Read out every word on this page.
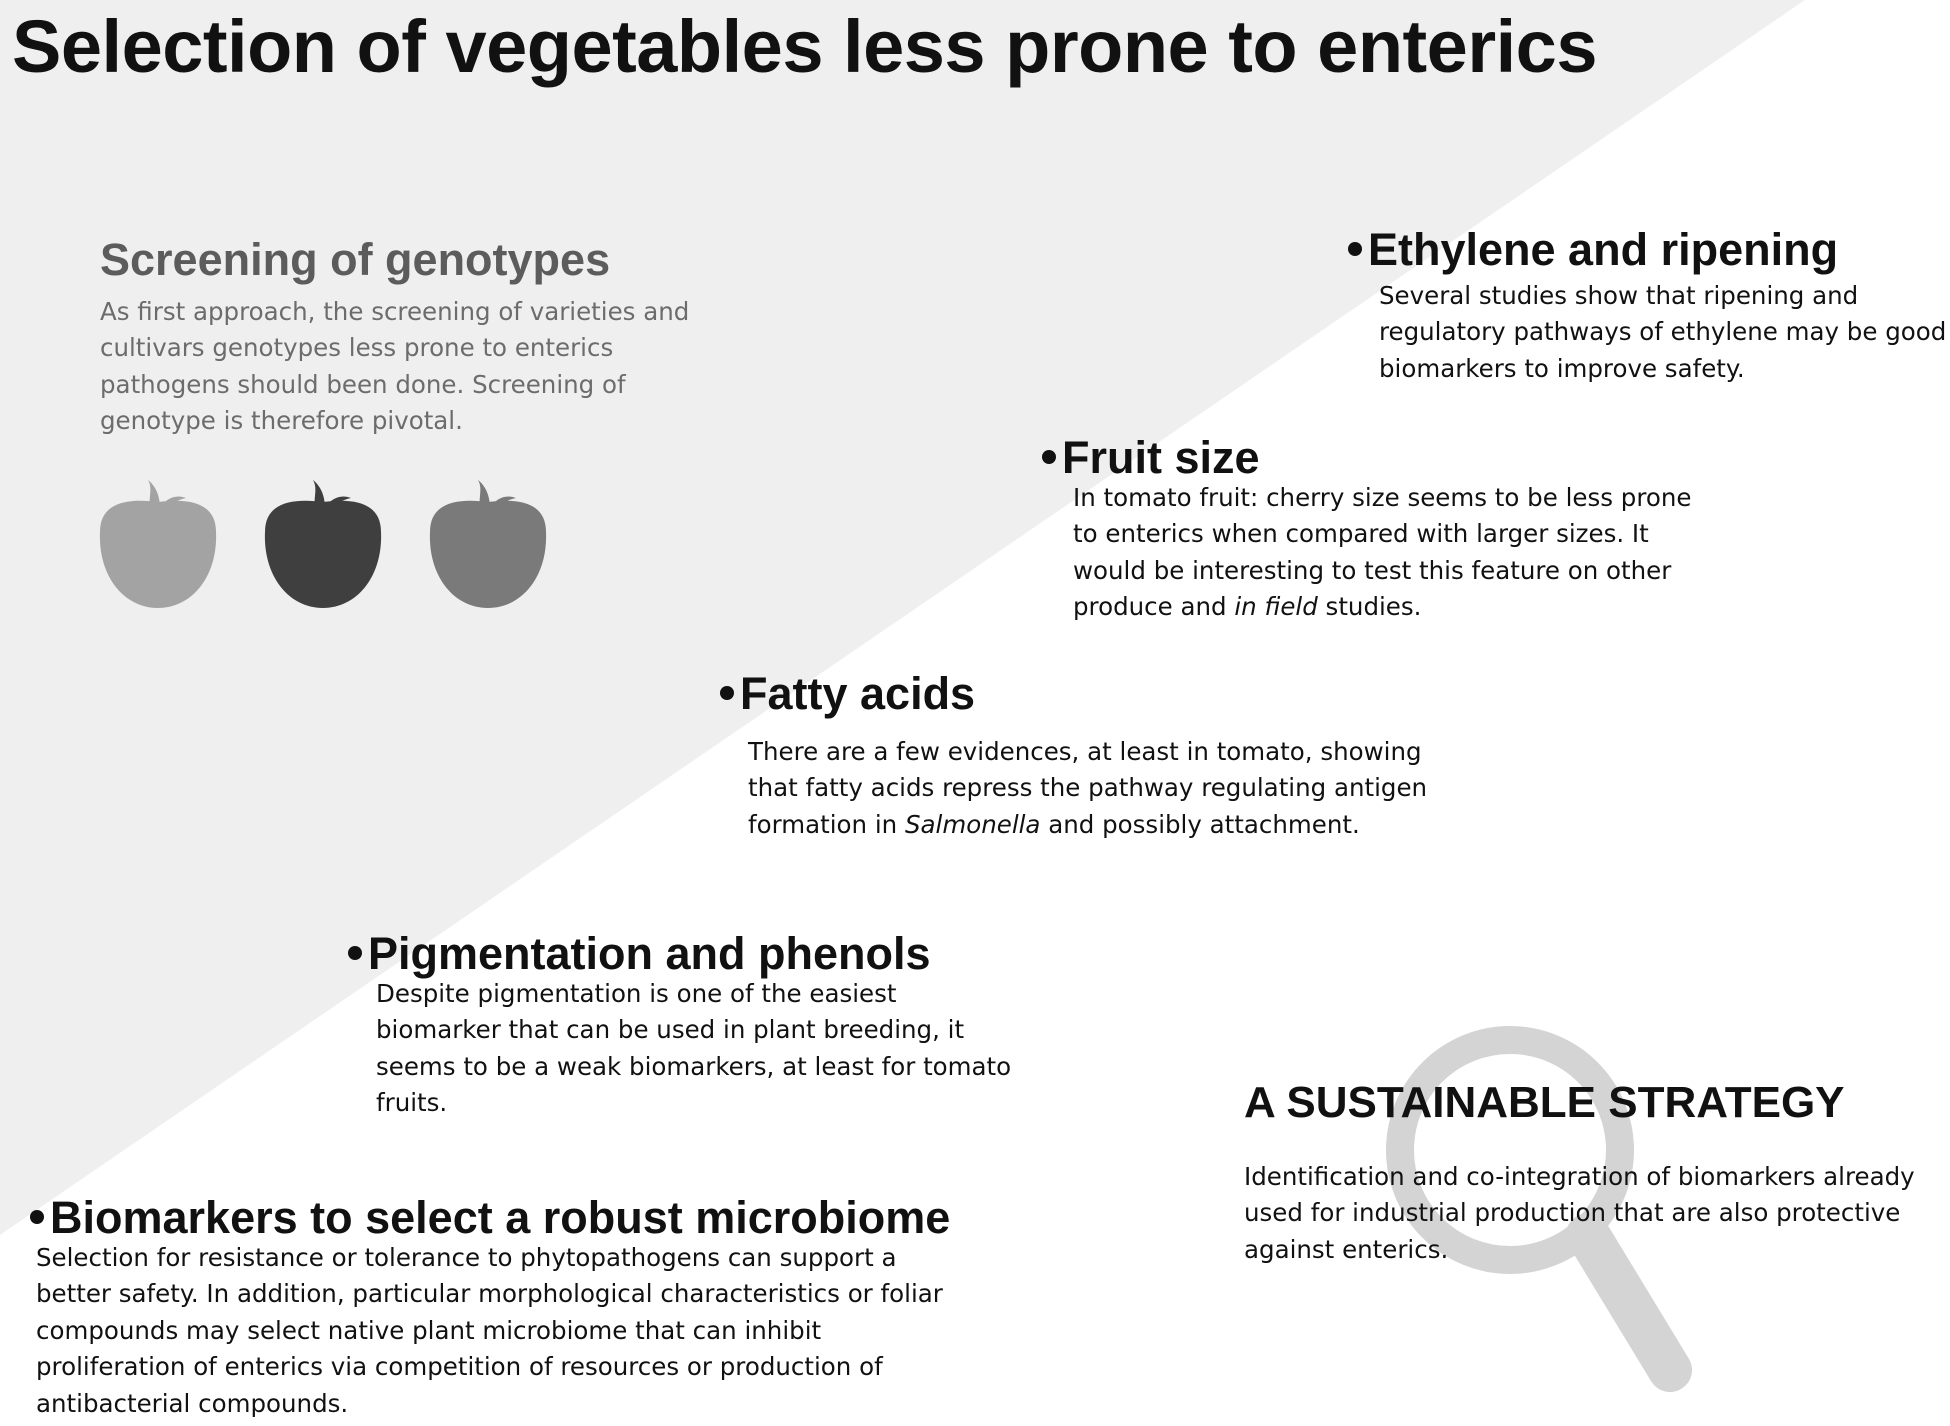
Selection of vegetables less prone to enterics
Screening of genotypes

As first approach, the screening of varieties and
cultivars genotypes less prone to enterics
pathogens should been done. Screening of
genotype is therefore pivotal.

Ethylene and ripening

Several studies show that ripening and
regulatory pathways of ethylene may be good
biomarkers to improve safety.

Fruit size

In tomato fruit: cherry size seems to be less prone
to enterics when compared with larger sizes. It
would be interesting to test this feature on other
produce and in field studies.

Fatty acids

There are a few evidences, at least in tomato, showing
that fatty acids repress the pathway regulating antigen
formation in Salmonella and possibly attachment.

Pigmentation and phenols

Despite pigmentation is one of the easiest
biomarker that can be used in plant breeding, it
seems to be a weak biomarkers, at least for tomato
fruits.	A SUSTAINABLE STRATEGY

Identification and co-integration of biomarkers already
used for industrial production that are also protective
against enterics.

Biomarkers to select a robust microbiome

Selection for resistance or tolerance to phytopathogens can support a
better safety. In addition, particular morphological characteristics or foliar
compounds may select native plant microbiome that can inhibit
proliferation of enterics via competition of resources or production of
antibacterial compounds.
